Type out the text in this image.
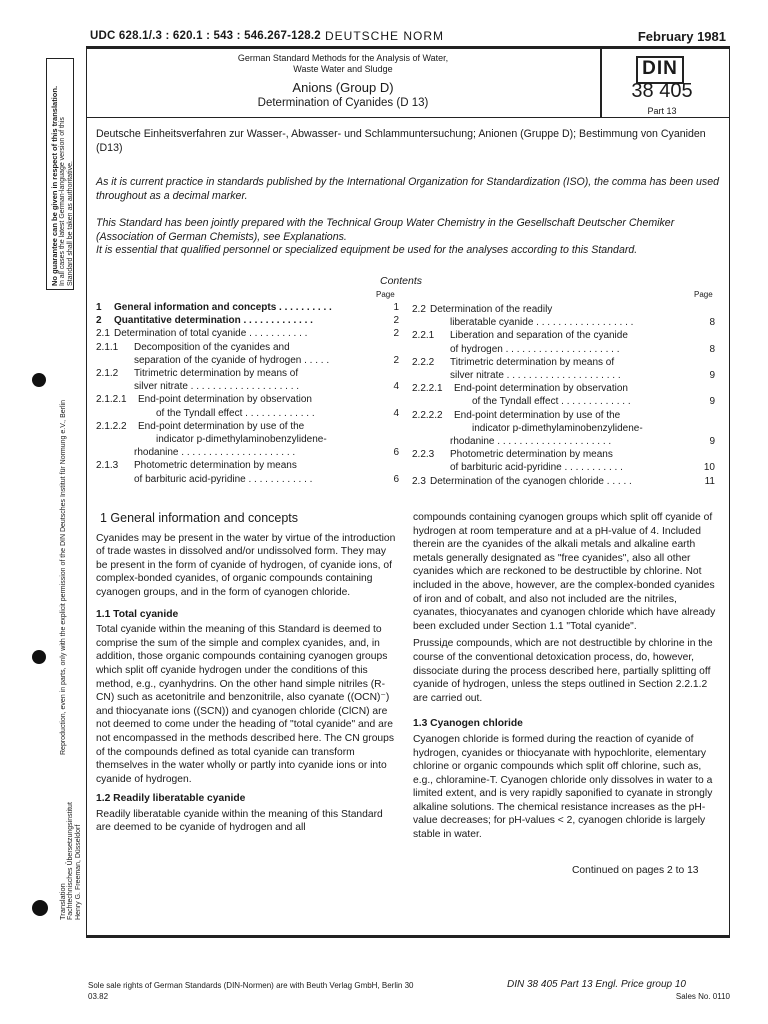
UDC 628.1/.3 : 620.1 : 543 : 546.267-128.2 DEUTSCHE NORM	February 1981
German Standard Methods for the Analysis of Water,
Waste Water and Sludge
Anions (Group D)
Determination of Cyanides (D 13)
DIN
38 405
Part 13
Deutsche Einheitsverfahren zur Wasser-, Abwasser- und Schlammuntersuchung; Anionen (Gruppe D); Bestimmung von Cyaniden (D13)
As it is current practice in standards published by the International Organization for Standardization (ISO), the comma has been used throughout as a decimal marker.
This Standard has been jointly prepared with the Technical Group Water Chemistry in the Gesellschaft Deutscher Chemiker (Association of German Chemists), see Explanations.
It is essential that qualified personnel or specialized equipment be used for the analyses according to this Standard.
Contents
Page	Page
1 General information and concepts . . . . . . . . . .	1
2 Quantitative determination . . . . . . . . . . . . .	2
2.1 Determination of total cyanide . . . . . . . . . . .	2
2.1.1 Decomposition of the cyanides and
separation of the cyanide of hydrogen . . . . .	2
2.1.2 Titrimetric determination by means of
silver nitrate . . . . . . . . . . . . . . . . . . . .	4
2.1.2.1 End-point determination by observation
of the Tyndall effect . . . . . . . . . . . . .	4
2.1.2.2 End-point determination by use of the
indicator p-dimethylaminobenzylidene-
rhodanine . . . . . . . . . . . . . . . . . . . . .	6
2.1.3 Photometric determination by means
of barbituric acid-pyridine . . . . . . . . . . . .	6
2.2 Determination of the readily
liberatable cyanide . . . . . . . . . . . . . . . . . .	8
2.2.1 Liberation and separation of the cyanide
of hydrogen . . . . . . . . . . . . . . . . . . . . .	8
2.2.2 Titrimetric determination by means of
silver nitrate . . . . . . . . . . . . . . . . . . . . .	9
2.2.2.1 End-point determination by observation
of the Tyndall effect . . . . . . . . . . . . .	9
2.2.2.2 End-point determination by use of the
indicator p-dimethylaminobenzylidene-
rhodanine . . . . . . . . . . . . . . . . . . . . .	9
2.2.3 Photometric determination by means
of barbituric acid-pyridine . . . . . . . . . . .	10
2.3 Determination of the cyanogen chloride . . . . .	11
1 General information and concepts
Cyanides may be present in the water by virtue of the introduction of trade wastes in dissolved and/or undissolved form. They may be present in the form of cyanide of hydrogen, of cyanide ions, of complex-bonded cyanides, of organic compounds containing cyanogen groups, and in the form of cyanogen chloride.
1.1 Total cyanide
Total cyanide within the meaning of this Standard is deemed to comprise the sum of the simple and complex cyanides, and, in addition, those organic compounds containing cyanogen groups which split off cyanide hydrogen under the conditions of this method, e.g., cyanhydrins. On the other hand simple nitriles (R-CN) such as acetonitrile and benzonitrile, also cyanate ((OCN)⁻) and thiocyanate ions ((SCN)) and cyanogen chloride (ClCN) are not deemed to come under the heading of "total cyanide" and are not encompassed in the methods described here. The CN groups of the compounds defined as total cyanide can transform themselves in the water wholly or partly into cyanide ions or into cyanide of hydrogen.
1.2 Readily liberatable cyanide
Readily liberatable cyanide within the meaning of this Standard are deemed to be cyanide of hydrogen and all
compounds containing cyanogen groups which split off cyanide of hydrogen at room temperature and at a pH-value of 4. Included therein are the cyanides of the alkali metals and alkaline earth metals generally designated as "free cyanides", also all other cyanides which are reckoned to be destructible by chlorine. Not included in the above, however, are the complex-bonded cyanides of iron and of cobalt, and also not included are the nitriles, cyanates, thiocyanates and cyanogen chloride which have already been excluded under Section 1.1 "Total cyanide".
Prussiде compounds, which are not destructible by chlorine in the course of the conventional detoxication process, do, however, dissociate during the process described here, partially splitting off cyanide of hydrogen, unless the steps outlined in Section 2.2.1.2 are carried out.
1.3 Cyanogen chloride
Cyanogen chloride is formed during the reaction of cyanide of hydrogen, cyanides or thiocyanate with hypochlorite, elementary chlorine or organic compounds which split off chlorine, such as, e.g., chloramine-T. Cyanogen chloride only dissolves in water to a limited extent, and is very rapidly saponified to cyanate in strongly alkaline solutions. The chemical resistance increases as the pH-value decreases; for pH-values < 2, cyanogen chloride is largely stable in water.
Continued on pages 2 to 13
No guarantee can be given in respect of this translation. In all cases the latest German-language version of this Standard shall be taken as authoritative.
Reproduction, even in parts, only with the explicit permission of the DIN Deutsches Institut für Normung e.V., Berlin
Translation Fachtechnisches Übersetzungsinstitut Henry G. Freeman, Düsseldorf
Sole sale rights of German Standards (DIN-Normen) are with Beuth Verlag GmbH, Berlin 30
03.82
DIN 38 405 Part 13 Engl. Price group 10
Sales No. 0110
